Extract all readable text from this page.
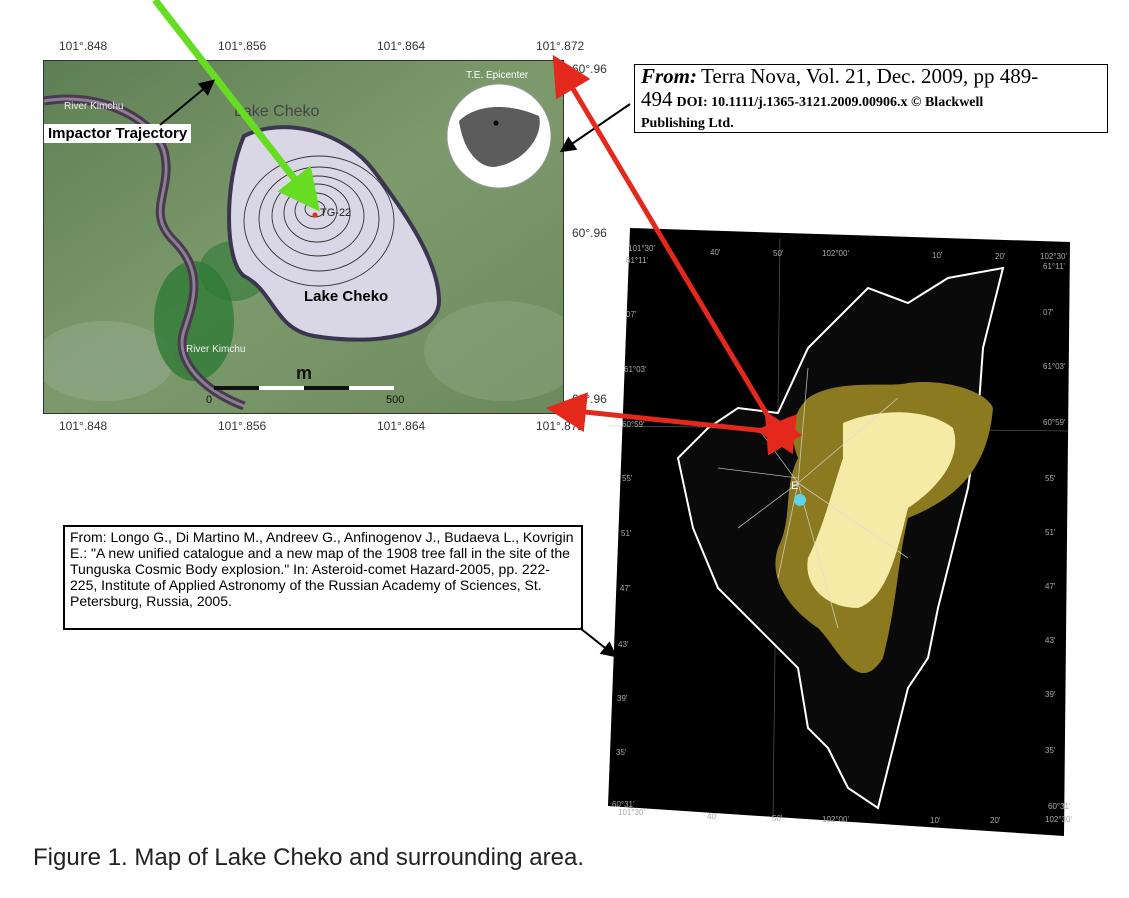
101°.848	101°.856	101°.864	101°.872
101°.848	101°.856	101°.864	101°.872
60°.96
60°.96
60°.96
River Kimchu
River Kimchu
Lake Cheko
TG-22
T.E. Epicenter
Lake Cheko
m
0	500
Impactor Trajectory
From: Terra Nova, Vol. 21, Dec. 2009, pp 489-
494 DOI: 10.1111/j.1365-3121.2009.00906.x © Blackwell
Publishing Ltd.
From: Longo G., Di Martino M., Andreev G., Anfinogenov J., Budaeva L., Kovrigin E.: "A new unified catalogue and a new map of the 1908 tree fall in the site of the Tunguska Cosmic Body explosion." In: Asteroid-comet Hazard-2005, pp. 222-225, Institute of Applied Astronomy of the Russian Academy of Sciences, St. Petersburg, Russia, 2005.
E
101°30'	40'	50'	102°00'	10'	20'	102°30'
101°30'	40'	50'	102°00'	10'	20'	102°30'
61°11'
07'
61°03'
60°59'
55'
51'
47'
43'
39'
35'
60°31'
61°11'
07'
61°03'
60°59'
55'
51'
47'
43'
39'
35'
60°31'
Figure 1. Map of Lake Cheko and surrounding area.
